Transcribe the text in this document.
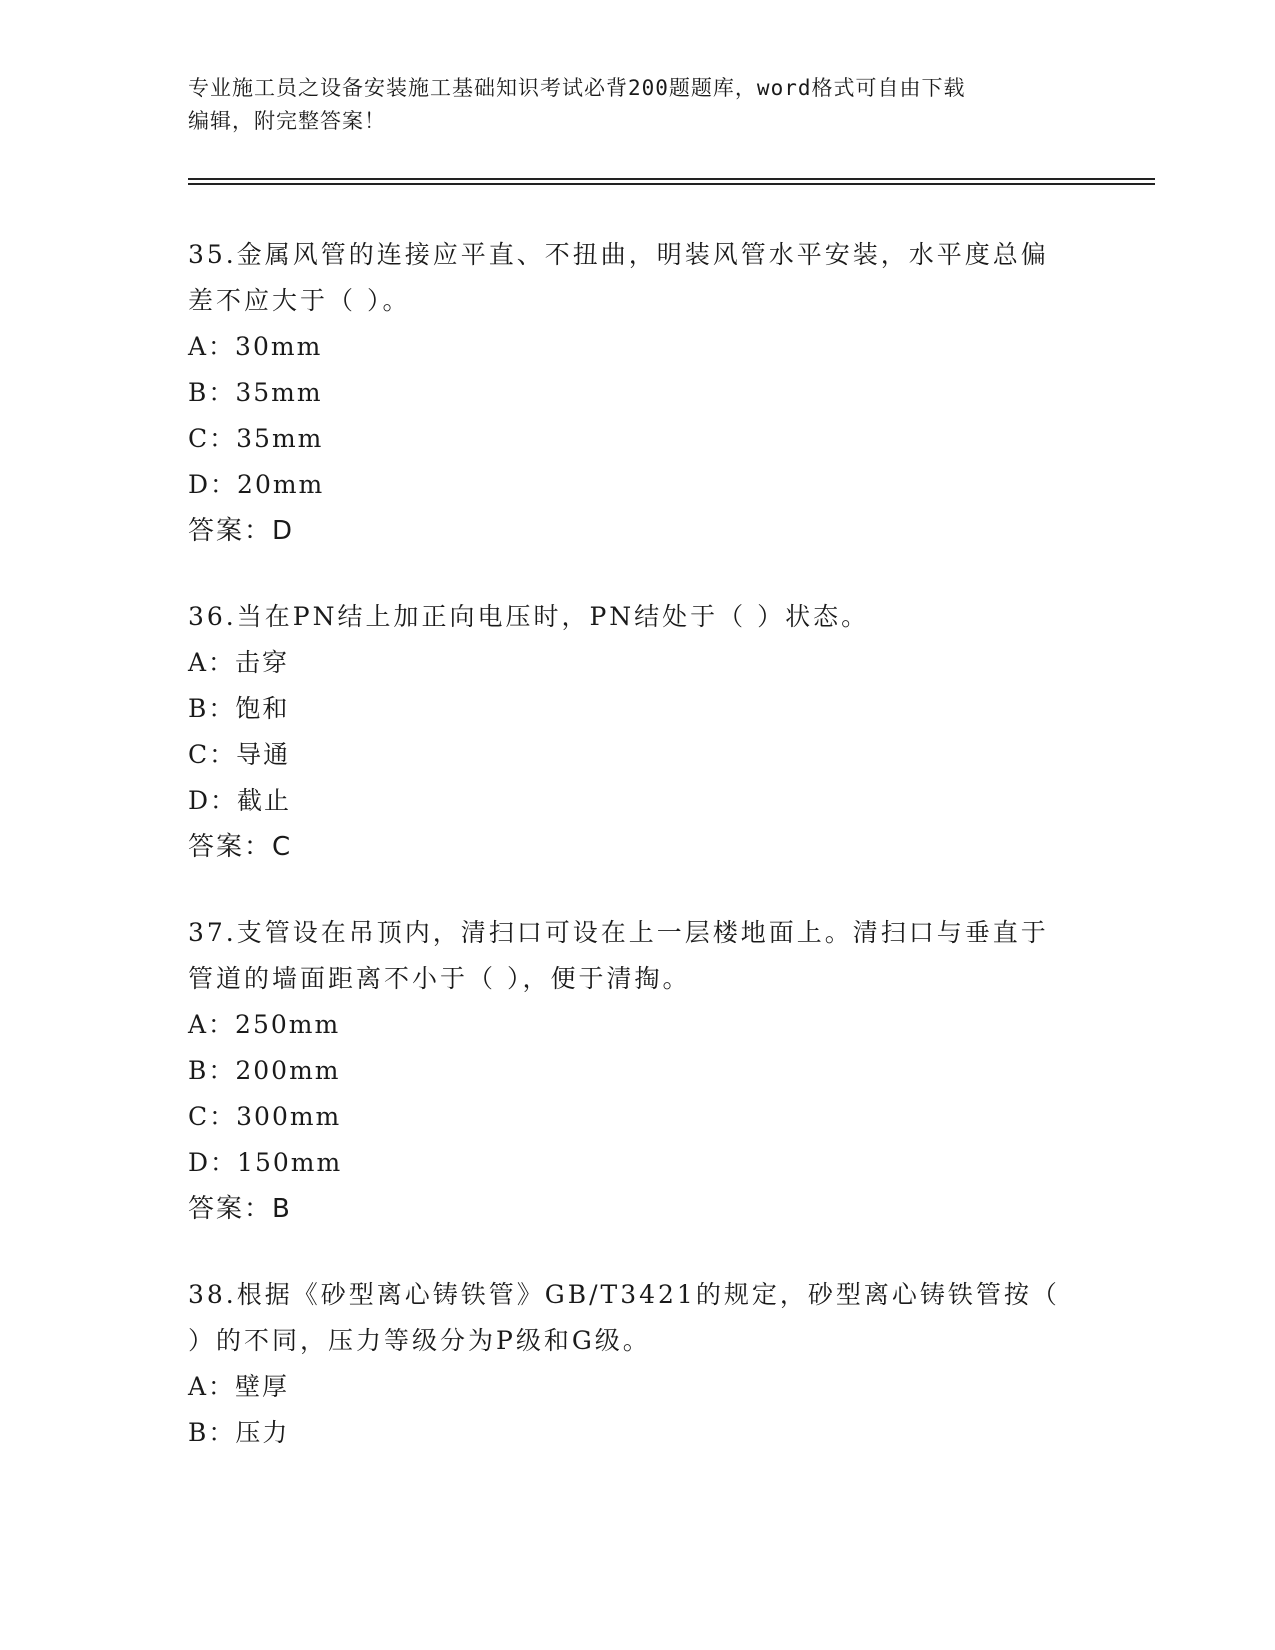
专业施工员之设备安装施工基础知识考试必背200题题库，word格式可自由下载
编辑，附完整答案！
35.金属风管的连接应平直、不扭曲，明装风管水平安装，水平度总偏
差不应大于（ ）。
A：30mm
B：35mm
C：35mm
D：20mm
答案：D
36.当在PN结上加正向电压时，PN结处于（ ）状态。
A：击穿
B：饱和
C：导通
D：截止
答案：C
37.支管设在吊顶内，清扫口可设在上一层楼地面上。清扫口与垂直于
管道的墙面距离不小于（ ），便于清掏。
A：250mm
B：200mm
C：300mm
D：150mm
答案：B
38.根据《砂型离心铸铁管》GB/T3421的规定，砂型离心铸铁管按（
）的不同，压力等级分为P级和G级。
A：壁厚
B：压力
